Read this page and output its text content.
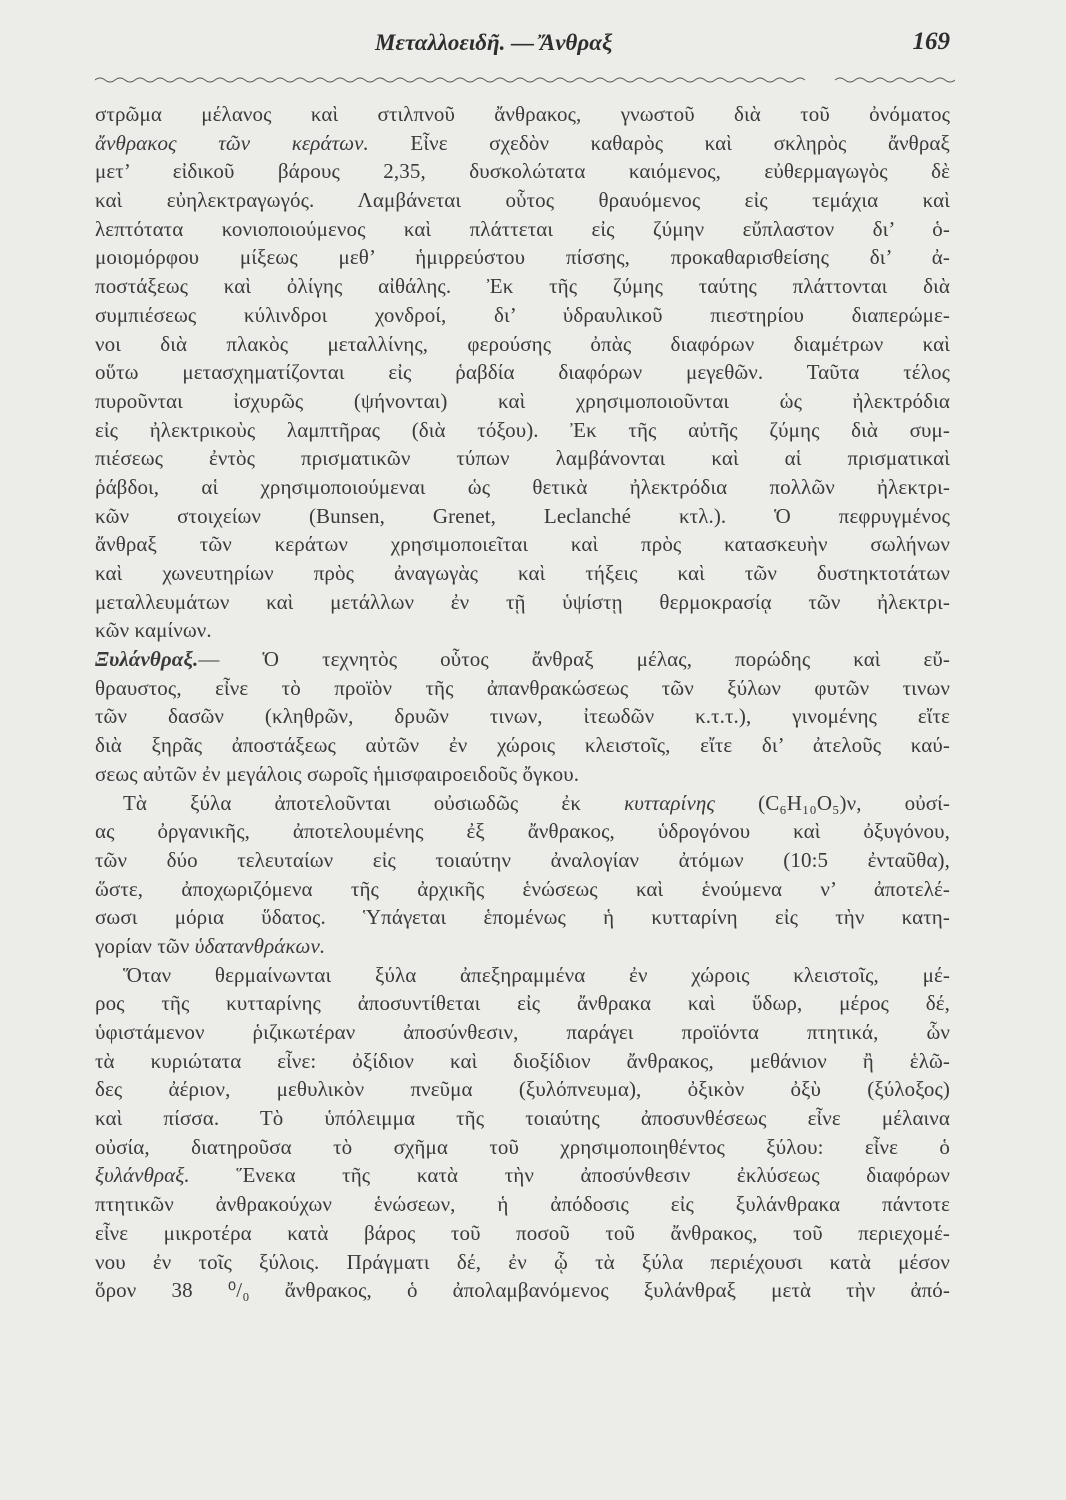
Μεταλλοειδῆ. — Ἄνθραξ	169
στρῶμα μέλανος καὶ στιλπνοῦ ἄνθρακος, γνωστοῦ διὰ τοῦ ὀνόματος
ἄνθρακος τῶν κεράτων. Εἶνε σχεδὸν καθαρὸς καὶ σκληρὸς ἄνθραξ
μετ’ εἰδικοῦ βάρους 2,35, δυσκολώτατα καιόμενος, εὐθερμαγωγὸς δὲ
καὶ εὐηλεκτραγωγός. Λαμβάνεται οὗτος θραυόμενος εἰς τεμάχια καὶ
λεπτότατα κονιοποιούμενος καὶ πλάττεται εἰς ζύμην εὔπλαστον δι’ ὁ-
μοιομόρφου μίξεως μεθ’ ἡμιρρεύστου πίσσης, προκαθαρισθείσης δι’ ἀ-
ποστάξεως καὶ ὀλίγης αἰθάλης. Ἐκ τῆς ζύμης ταύτης πλάττονται διὰ
συμπιέσεως κύλινδροι χονδροί, δι’ ὑδραυλικοῦ πιεστηρίου διαπερώμε-
νοι διὰ πλακὸς μεταλλίνης, φερούσης ὀπὰς διαφόρων διαμέτρων καὶ
οὕτω μετασχηματίζονται εἰς ῥαβδία διαφόρων μεγεθῶν. Ταῦτα τέλος
πυροῦνται ἰσχυρῶς (ψήνονται) καὶ χρησιμοποιοῦνται ὡς ἠλεκτρόδια
εἰς ἠλεκτρικοὺς λαμπτῆρας (διὰ τόξου). Ἐκ τῆς αὐτῆς ζύμης διὰ συμ-
πιέσεως ἐντὸς πρισματικῶν τύπων λαμβάνονται καὶ αἱ πρισματικαὶ
ῥάβδοι, αἱ χρησιμοποιούμεναι ὡς θετικὰ ἠλεκτρόδια πολλῶν ἠλεκτρι-
κῶν στοιχείων (Bunsen, Grenet, Leclanché κτλ.). Ὁ πεφρυγμένος
ἄνθραξ τῶν κεράτων χρησιμοποιεῖται καὶ πρὸς κατασκευὴν σωλήνων
καὶ χωνευτηρίων πρὸς ἀναγωγὰς καὶ τήξεις καὶ τῶν δυστηκτοτάτων
μεταλλευμάτων καὶ μετάλλων ἐν τῇ ὑψίστῃ θερμοκρασίᾳ τῶν ἠλεκτρι-
κῶν καμίνων.
Ξυλάνθραξ.— Ὁ τεχνητὸς οὗτος ἄνθραξ μέλας, πορώδης καὶ εὔ-
θραυστος, εἶνε τὸ προϊὸν τῆς ἀπανθρακώσεως τῶν ξύλων φυτῶν τινων
τῶν δασῶν (κληθρῶν, δρυῶν τινων, ἰτεωδῶν κ.τ.τ.), γινομένης εἴτε
διὰ ξηρᾶς ἀποστάξεως αὐτῶν ἐν χώροις κλειστοῖς, εἴτε δι’ ἀτελοῦς καύ-
σεως αὐτῶν ἐν μεγάλοις σωροῖς ἡμισφαιροειδοῦς ὄγκου.
Τὰ ξύλα ἀποτελοῦνται οὐσιωδῶς ἐκ κυτταρίνης (C₆H₁₀O₅)ν, οὐσί-
ας ὀργανικῆς, ἀποτελουμένης ἐξ ἄνθρακος, ὑδρογόνου καὶ ὀξυγόνου,
τῶν δύο τελευταίων εἰς τοιαύτην ἀναλογίαν ἀτόμων (10:5 ἐνταῦθα),
ὥστε, ἀποχωριζόμενα τῆς ἀρχικῆς ἑνώσεως καὶ ἑνούμενα ν’ ἀποτελέ-
σωσι μόρια ὕδατος. Ὑπάγεται ἑπομένως ἡ κυτταρίνη εἰς τὴν κατη-
γορίαν τῶν ὑδατανθράκων.
Ὅταν θερμαίνωνται ξύλα ἀπεξηραμμένα ἐν χώροις κλειστοῖς, μέ-
ρος τῆς κυτταρίνης ἀποσυντίθεται εἰς ἄνθρακα καὶ ὕδωρ, μέρος δέ,
ὑφιστάμενον ῥιζικωτέραν ἀποσύνθεσιν, παράγει προϊόντα πτητικά, ὧν
τὰ κυριώτατα εἶνε: ὀξίδιον καὶ διοξίδιον ἄνθρακος, μεθάνιον ἢ ἑλῶ-
δες ἀέριον, μεθυλικὸν πνεῦμα (ξυλόπνευμα), ὀξικὸν ὀξὺ (ξύλοξος)
καὶ πίσσα. Τὸ ὑπόλειμμα τῆς τοιαύτης ἀποσυνθέσεως εἶνε μέλαινα
οὐσία, διατηροῦσα τὸ σχῆμα τοῦ χρησιμοποιηθέντος ξύλου: εἶνε ὁ
ξυλάνθραξ. Ἕνεκα τῆς κατὰ τὴν ἀποσύνθεσιν ἐκλύσεως διαφόρων
πτητικῶν ἀνθρακούχων ἑνώσεων, ἡ ἀπόδοσις εἰς ξυλάνθρακα πάντοτε
εἶνε μικροτέρα κατὰ βάρος τοῦ ποσοῦ τοῦ ἄνθρακος, τοῦ περιεχομέ-
νου ἐν τοῖς ξύλοις. Πράγματι δέ, ἐν ᾧ τὰ ξύλα περιέχουσι κατὰ μέσον
ὅρον 38 ⁰/₀ ἄνθρακος, ὁ ἀπολαμβανόμενος ξυλάνθραξ μετὰ τὴν ἀπό-
